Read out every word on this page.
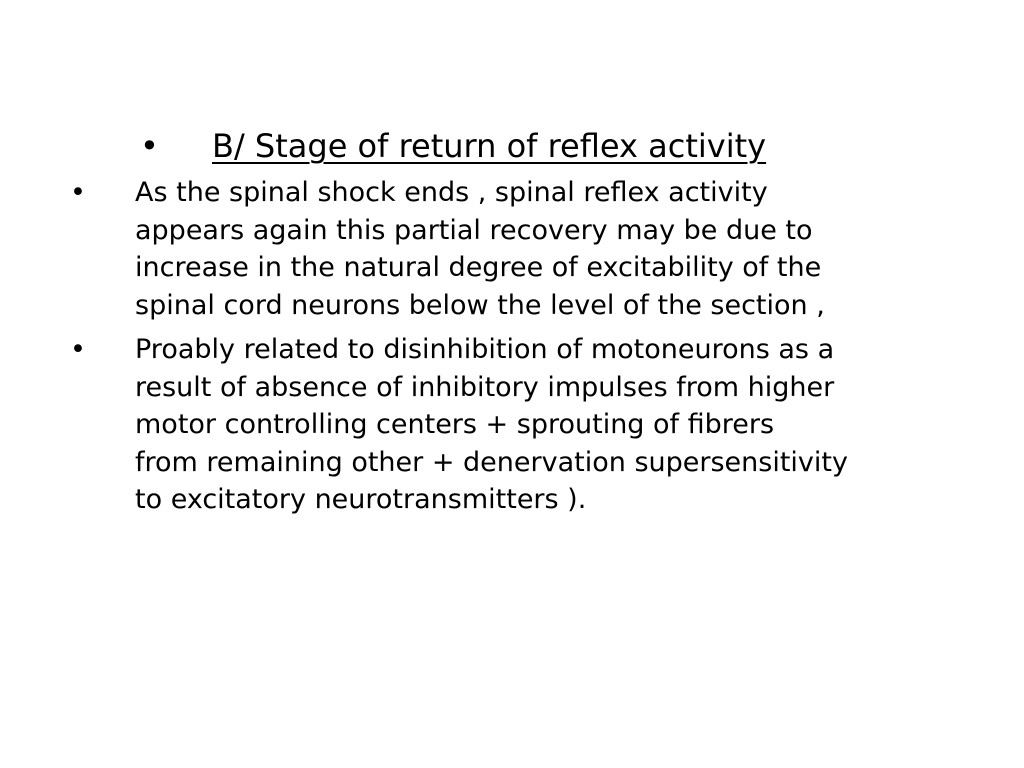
• B/ Stage of return of reflex activity
• As the spinal shock ends , spinal reflex activity
appears again this partial recovery may be due to
increase in the natural degree of excitability of the
spinal cord neurons below the level of the section ,
• Proably related to disinhibition of motoneurons as a
result of absence of inhibitory impulses from higher
motor controlling centers + sprouting of fibrers
from remaining other + denervation supersensitivity
to excitatory neurotransmitters ).
